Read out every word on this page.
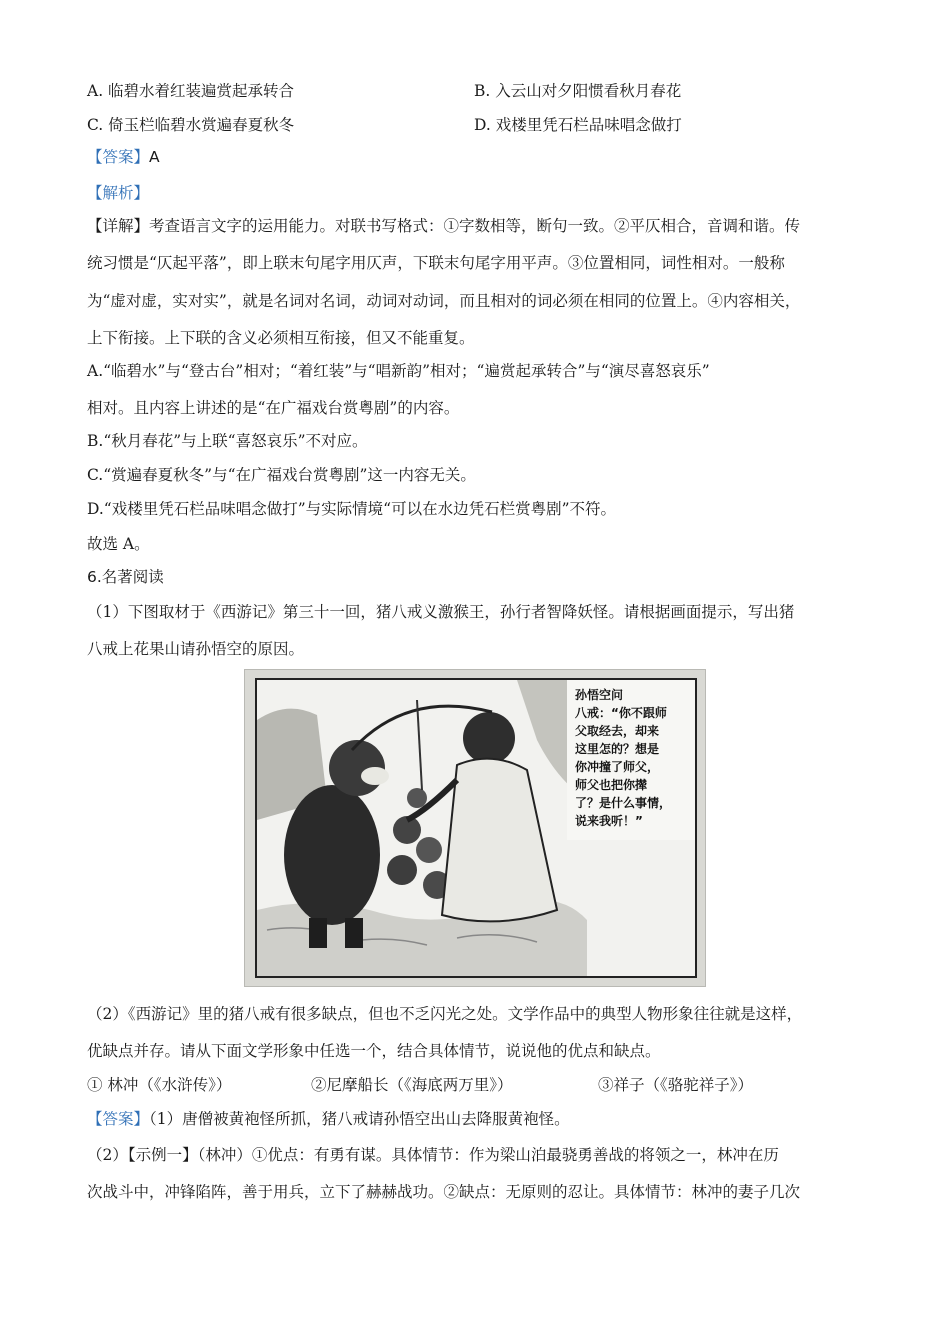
A. 临碧水着红装遍赏起承转合	B. 入云山对夕阳惯看秋月春花
C. 倚玉栏临碧水赏遍春夏秋冬	D. 戏楼里凭石栏品味唱念做打
【答案】A
【解析】
【详解】考查语言文字的运用能力。对联书写格式：①字数相等，断句一致。②平仄相合，音调和谐。传
统习惯是“仄起平落”，即上联末句尾字用仄声，下联末句尾字用平声。③位置相同，词性相对。一般称
为“虚对虚，实对实”，就是名词对名词，动词对动词，而且相对的词必须在相同的位置上。④内容相关，
上下衔接。上下联的含义必须相互衔接，但又不能重复。
A.“临碧水”与“登古台”相对；“着红装”与“唱新韵”相对；“遍赏起承转合”与“演尽喜怒哀乐”
相对。且内容上讲述的是“在广福戏台赏粤剧”的内容。
B.“秋月春花”与上联“喜怒哀乐”不对应。
C.“赏遍春夏秋冬”与“在广福戏台赏粤剧”这一内容无关。
D.“戏楼里凭石栏品味唱念做打”与实际情境“可以在水边凭石栏赏粤剧”不符。
故选 A。
6.名著阅读
（1）下图取材于《西游记》第三十一回，猪八戒义激猴王，孙行者智降妖怪。请根据画面提示，写出猪
八戒上花果山请孙悟空的原因。
孙悟空问
八戒：“你不跟师
父取经去，却来
这里怎的？想是
你冲撞了师父，
师父也把你撵
了？是什么事情，
说来我听！”
（2）《西游记》里的猪八戒有很多缺点，但也不乏闪光之处。文学作品中的典型人物形象往往就是这样，
优缺点并存。请从下面文学形象中任选一个，结合具体情节，说说他的优点和缺点。
① 林冲（《水浒传》）	②尼摩船长（《海底两万里》）	③祥子（《骆驼祥子》）
【答案】（1）唐僧被黄袍怪所抓，猪八戒请孙悟空出山去降服黄袍怪。
（2）【示例一】（林冲）①优点：有勇有谋。具体情节：作为梁山泊最骁勇善战的将领之一，林冲在历
次战斗中，冲锋陷阵，善于用兵，立下了赫赫战功。②缺点：无原则的忍让。具体情节：林冲的妻子几次
